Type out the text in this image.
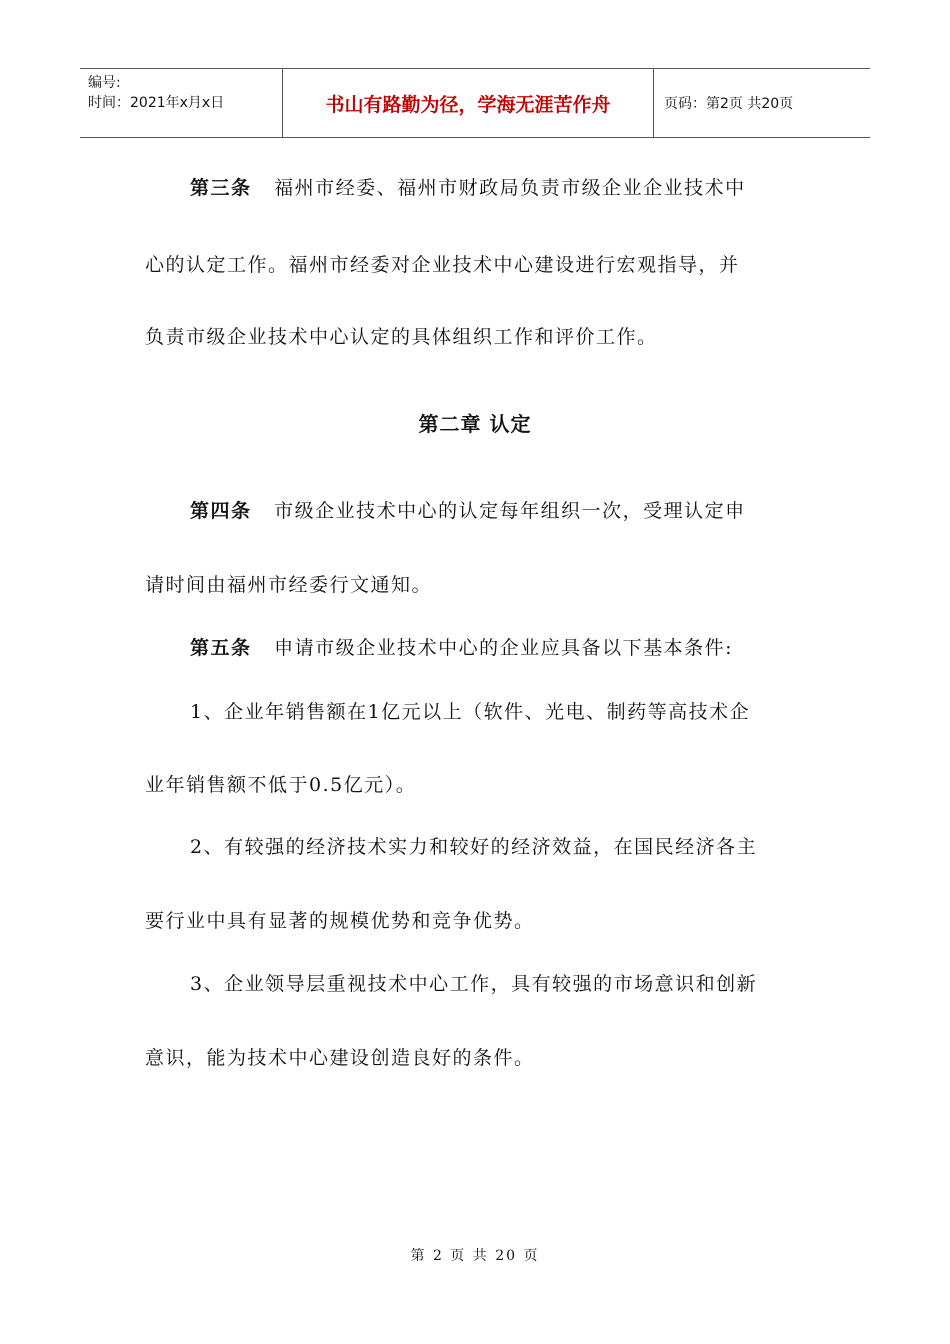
编号:
时间：2021年x月x日	书山有路勤为径，学海无涯苦作舟	页码：第2页 共20页
第三条 福州市经委、福州市财政局负责市级企业企业技术中
心的认定工作。福州市经委对企业技术中心建设进行宏观指导，并
负责市级企业技术中心认定的具体组织工作和评价工作。
第二章 认定
第四条 市级企业技术中心的认定每年组织一次，受理认定申
请时间由福州市经委行文通知。
第五条 申请市级企业技术中心的企业应具备以下基本条件:
1、企业年销售额在1亿元以上（软件、光电、制药等高技术企
业年销售额不低于0.5亿元）。
2、有较强的经济技术实力和较好的经济效益，在国民经济各主
要行业中具有显著的规模优势和竞争优势。
3、企业领导层重视技术中心工作，具有较强的市场意识和创新
意识，能为技术中心建设创造良好的条件。
第 2 页 共 20 页
